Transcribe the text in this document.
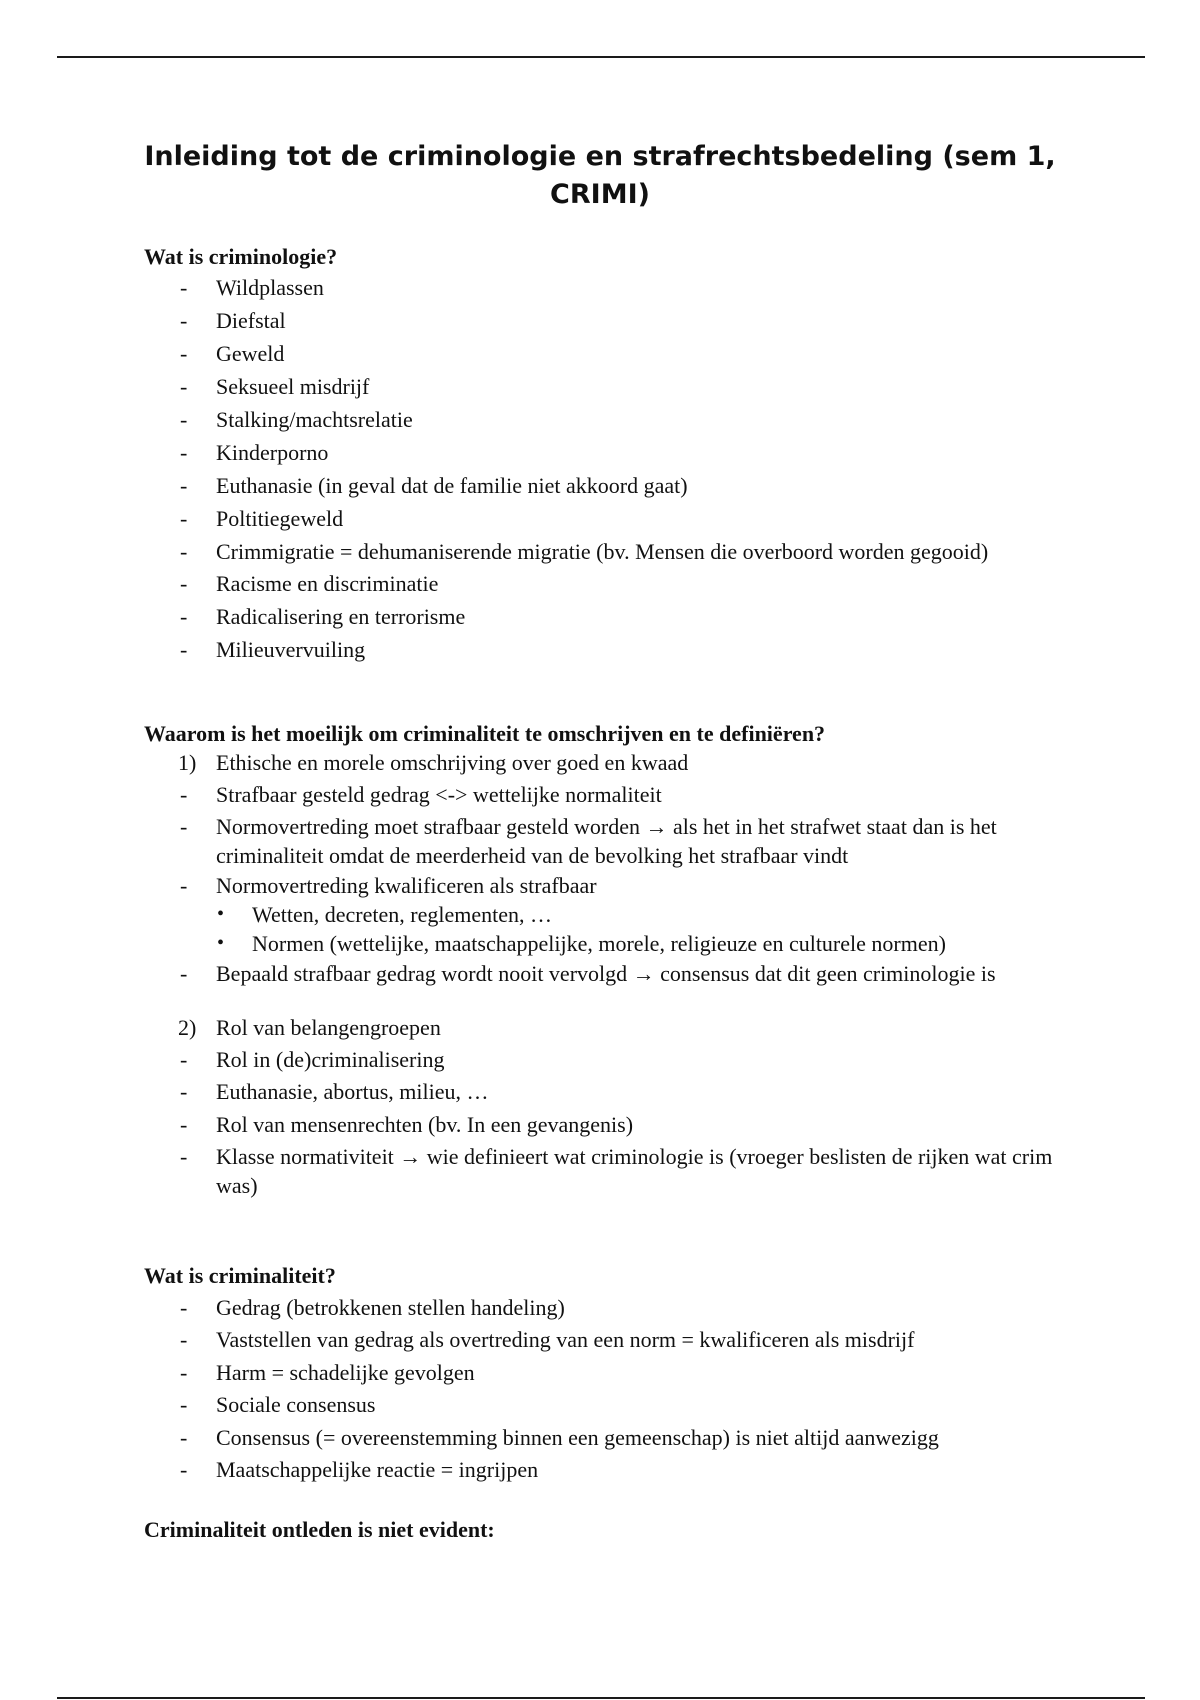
Inleiding tot de criminologie en strafrechtsbedeling (sem 1, CRIMI)

Wat is criminologie?

- Wildplassen
- Diefstal
- Geweld
- Seksueel misdrijf
- Stalking/machtsrelatie
- Kinderporno
- Euthanasie (in geval dat de familie niet akkoord gaat)
- Poltitiegeweld
- Crimmigratie = dehumaniserende migratie (bv. Mensen die overboord worden gegooid)
- Racisme en discriminatie
- Radicalisering en terrorisme
- Milieuvervuiling

Waarom is het moeilijk om criminaliteit te omschrijven en te definiëren?

1) Ethische en morele omschrijving over goed en kwaad
- Strafbaar gesteld gedrag <-> wettelijke normaliteit
- Normovertreding moet strafbaar gesteld worden → als het in het strafwet staat dan is het criminaliteit omdat de meerderheid van de bevolking het strafbaar vindt
- Normovertreding kwalificeren als strafbaar
• Wetten, decreten, reglementen, …
• Normen (wettelijke, maatschappelijke, morele, religieuze en culturele normen)
- Bepaald strafbaar gedrag wordt nooit vervolgd → consensus dat dit geen criminologie is
2) Rol van belangengroepen
- Rol in (de)criminalisering
- Euthanasie, abortus, milieu, …
- Rol van mensenrechten (bv. In een gevangenis)
- Klasse normativiteit → wie definieert wat criminologie is (vroeger beslisten de rijken wat crim was)

Wat is criminaliteit?

- Gedrag (betrokkenen stellen handeling)
- Vaststellen van gedrag als overtreding van een norm = kwalificeren als misdrijf
- Harm = schadelijke gevolgen
- Sociale consensus
- Consensus (= overeenstemming binnen een gemeenschap) is niet altijd aanwezigg
- Maatschappelijke reactie = ingrijpen

Criminaliteit ontleden is niet evident:
